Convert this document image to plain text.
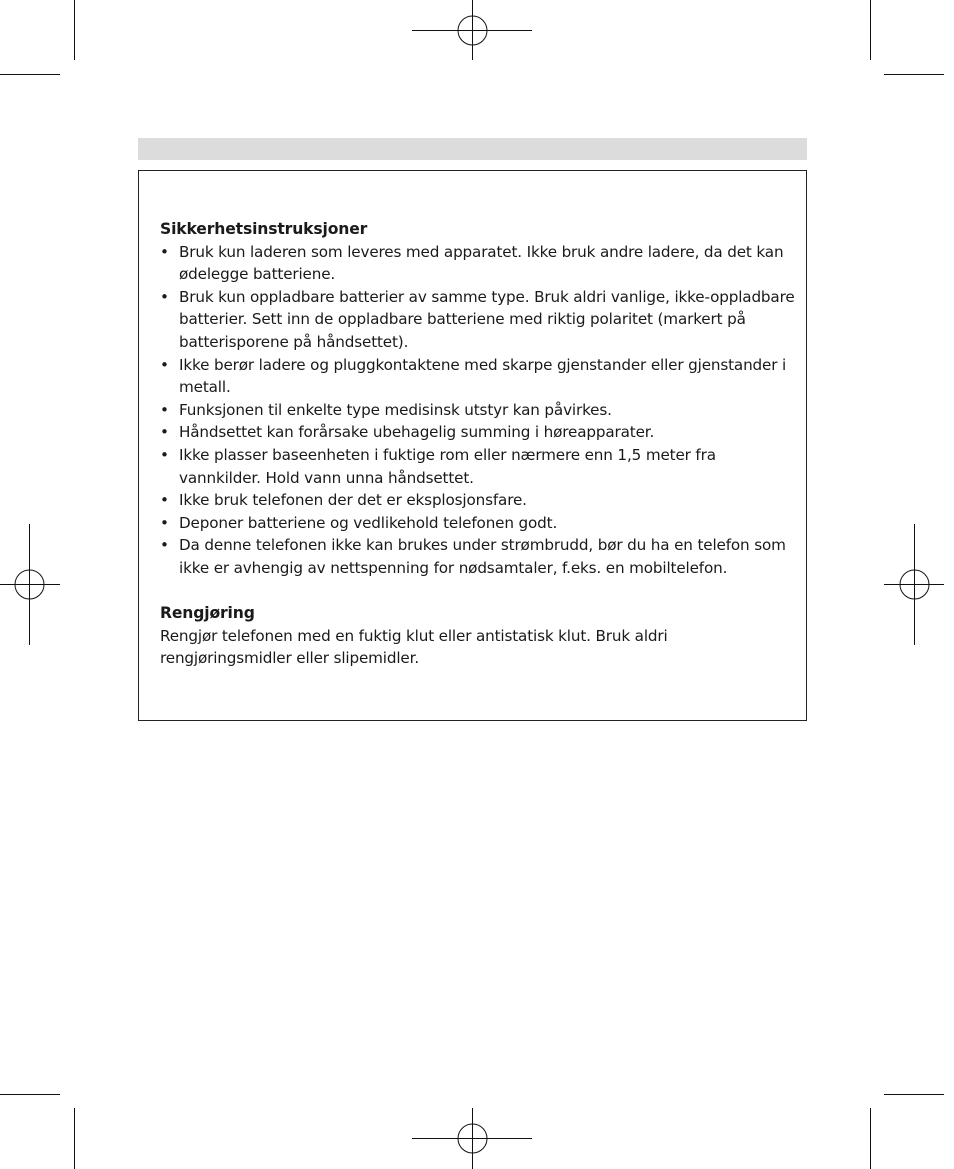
Sikkerhetsinstruksjoner
• Bruk kun laderen som leveres med apparatet. Ikke bruk andre ladere, da det kan ødelegge batteriene.
• Bruk kun oppladbare batterier av samme type. Bruk aldri vanlige, ikke-oppladbare batterier. Sett inn de oppladbare batteriene med riktig polaritet (markert på batterisporene på håndsettet).
• Ikke berør ladere og pluggkontaktene med skarpe gjenstander eller gjenstander i metall.
• Funksjonen til enkelte type medisinsk utstyr kan påvirkes.
• Håndsettet kan forårsake ubehagelig summing i høreapparater.
• Ikke plasser baseenheten i fuktige rom eller nærmere enn 1,5 meter fra vannkilder. Hold vann unna håndsettet.
• Ikke bruk telefonen der det er eksplosjonsfare.
• Deponer batteriene og vedlikehold telefonen godt.
• Da denne telefonen ikke kan brukes under strømbrudd, bør du ha en telefon som ikke er avhengig av nettspenning for nødsamtaler, f.eks. en mobiltelefon.
Rengjøring

Rengjør telefonen med en fuktig klut eller antistatisk klut. Bruk aldri rengjøringsmidler eller slipemidler.
